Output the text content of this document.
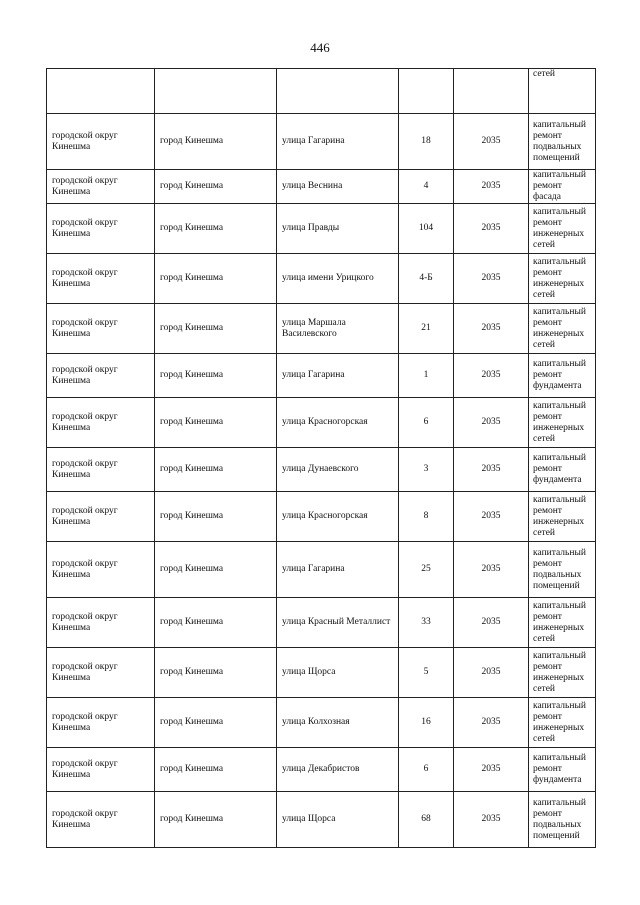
446
					сетей
городской округ Кинешма	город Кинешма	улица Гагарина	18	2035	капитальный ремонт подвальных помещений
городской округ Кинешма	город Кинешма	улица Веснина	4	2035	капитальный ремонт фасада
городской округ Кинешма	город Кинешма	улица Правды	104	2035	капитальный ремонт инженерных сетей
городской округ Кинешма	город Кинешма	улица имени Урицкого	4-Б	2035	капитальный ремонт инженерных сетей
городской округ Кинешма	город Кинешма	улица Маршала Василевского	21	2035	капитальный ремонт инженерных сетей
городской округ Кинешма	город Кинешма	улица Гагарина	1	2035	капитальный ремонт фундамента
городской округ Кинешма	город Кинешма	улица Красногорская	6	2035	капитальный ремонт инженерных сетей
городской округ Кинешма	город Кинешма	улица Дунаевского	3	2035	капитальный ремонт фундамента
городской округ Кинешма	город Кинешма	улица Красногорская	8	2035	капитальный ремонт инженерных сетей
городской округ Кинешма	город Кинешма	улица Гагарина	25	2035	капитальный ремонт подвальных помещений
городской округ Кинешма	город Кинешма	улица Красный Металлист	33	2035	капитальный ремонт инженерных сетей
городской округ Кинешма	город Кинешма	улица Щорса	5	2035	капитальный ремонт инженерных сетей
городской округ Кинешма	город Кинешма	улица Колхозная	16	2035	капитальный ремонт инженерных сетей
городской округ Кинешма	город Кинешма	улица Декабристов	6	2035	капитальный ремонт фундамента
городской округ Кинешма	город Кинешма	улица Щорса	68	2035	капитальный ремонт подвальных помещений
